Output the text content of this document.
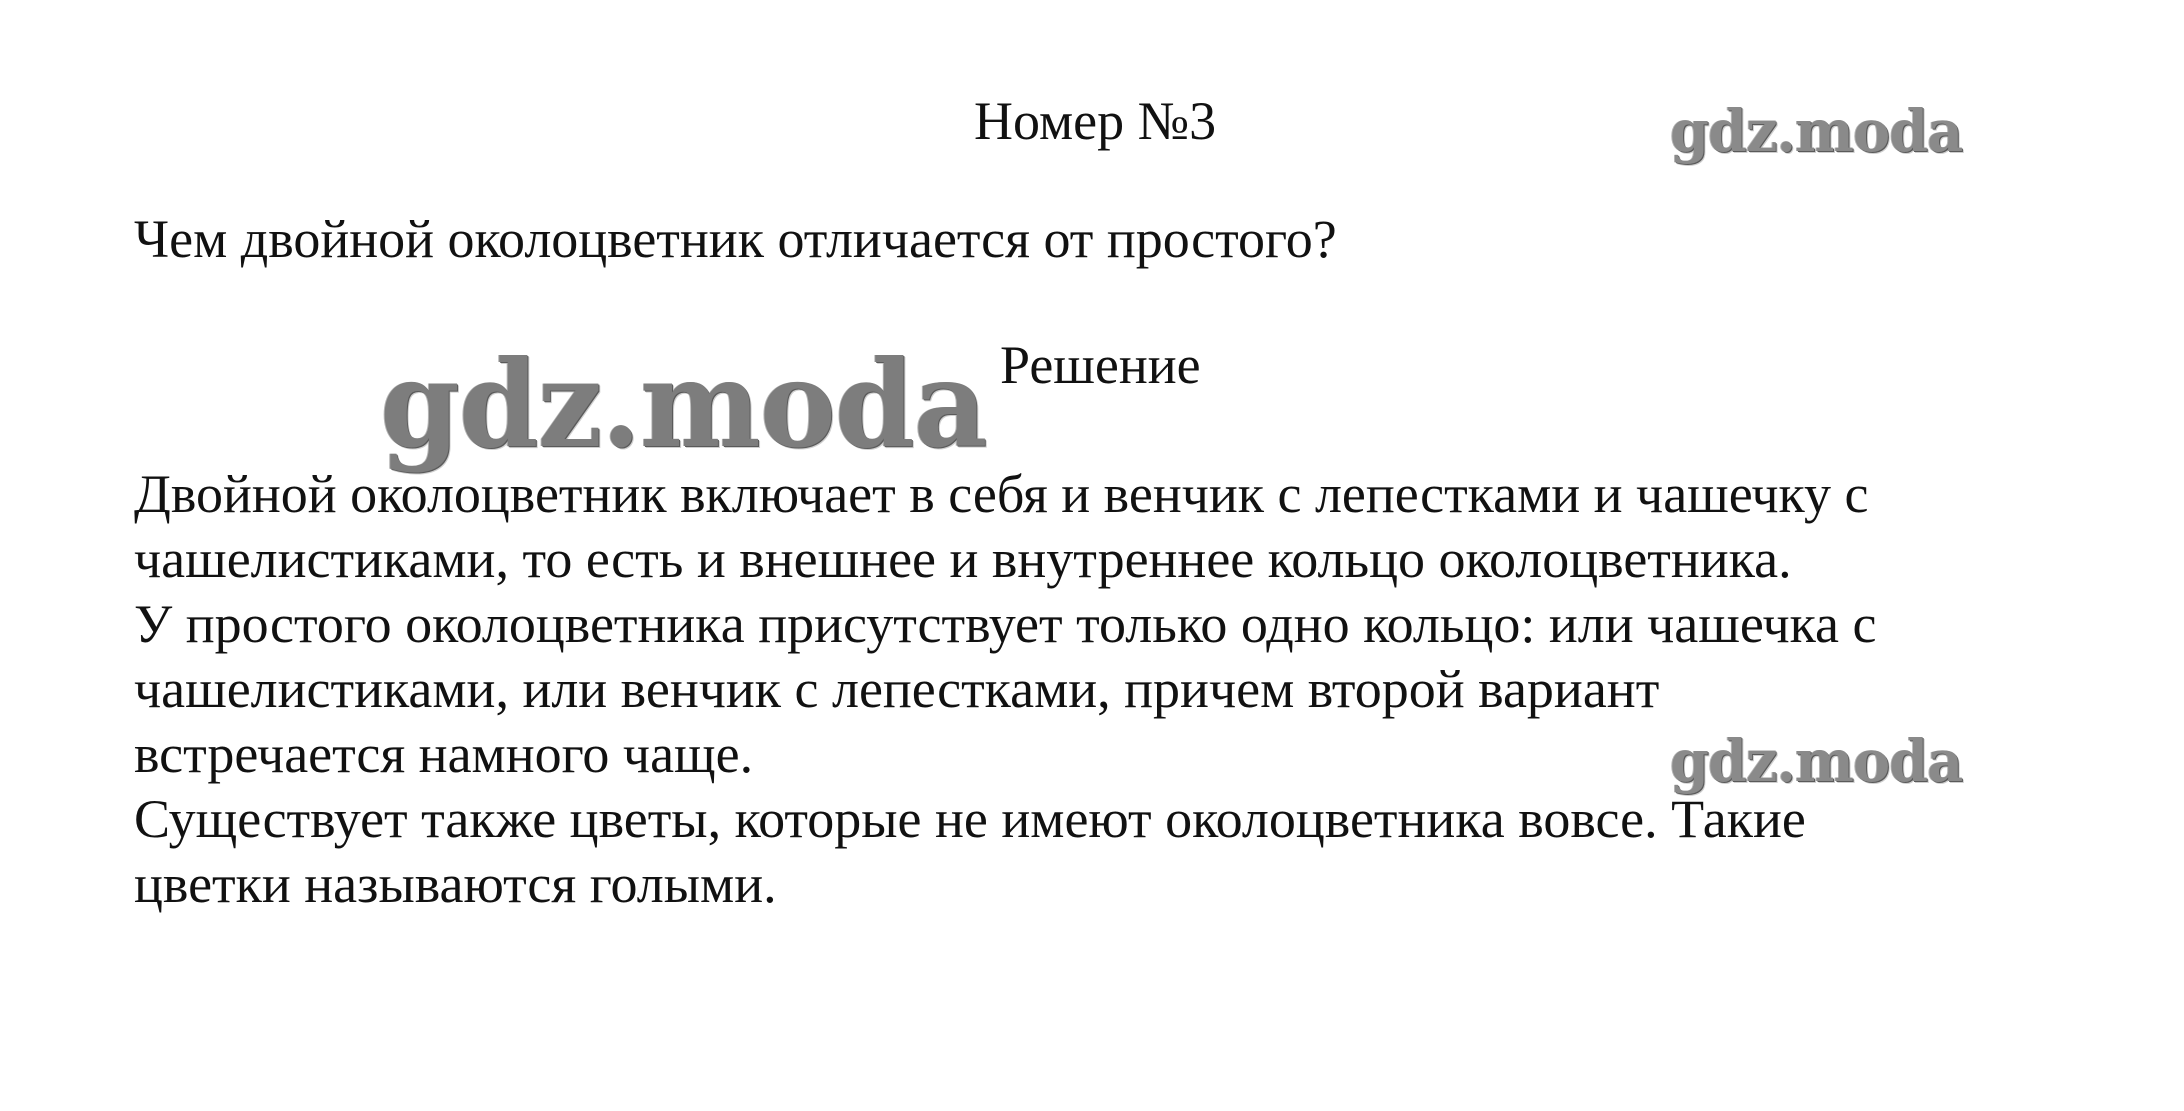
gdz.moda
gdz.moda
gdz.moda
Номер №3
Чем двойной околоцветник отличается от простого?
Решение
Двойной околоцветник включает в себя и венчик с лепестками и чашечку с
чашелистиками, то есть и внешнее и внутреннее кольцо околоцветника.
У простого околоцветника присутствует только одно кольцо: или чашечка с
чашелистиками, или венчик с лепестками, причем второй вариант
встречается намного чаще.
Существует также цветы, которые не имеют околоцветника вовсе. Такие
цветки называются голыми.
